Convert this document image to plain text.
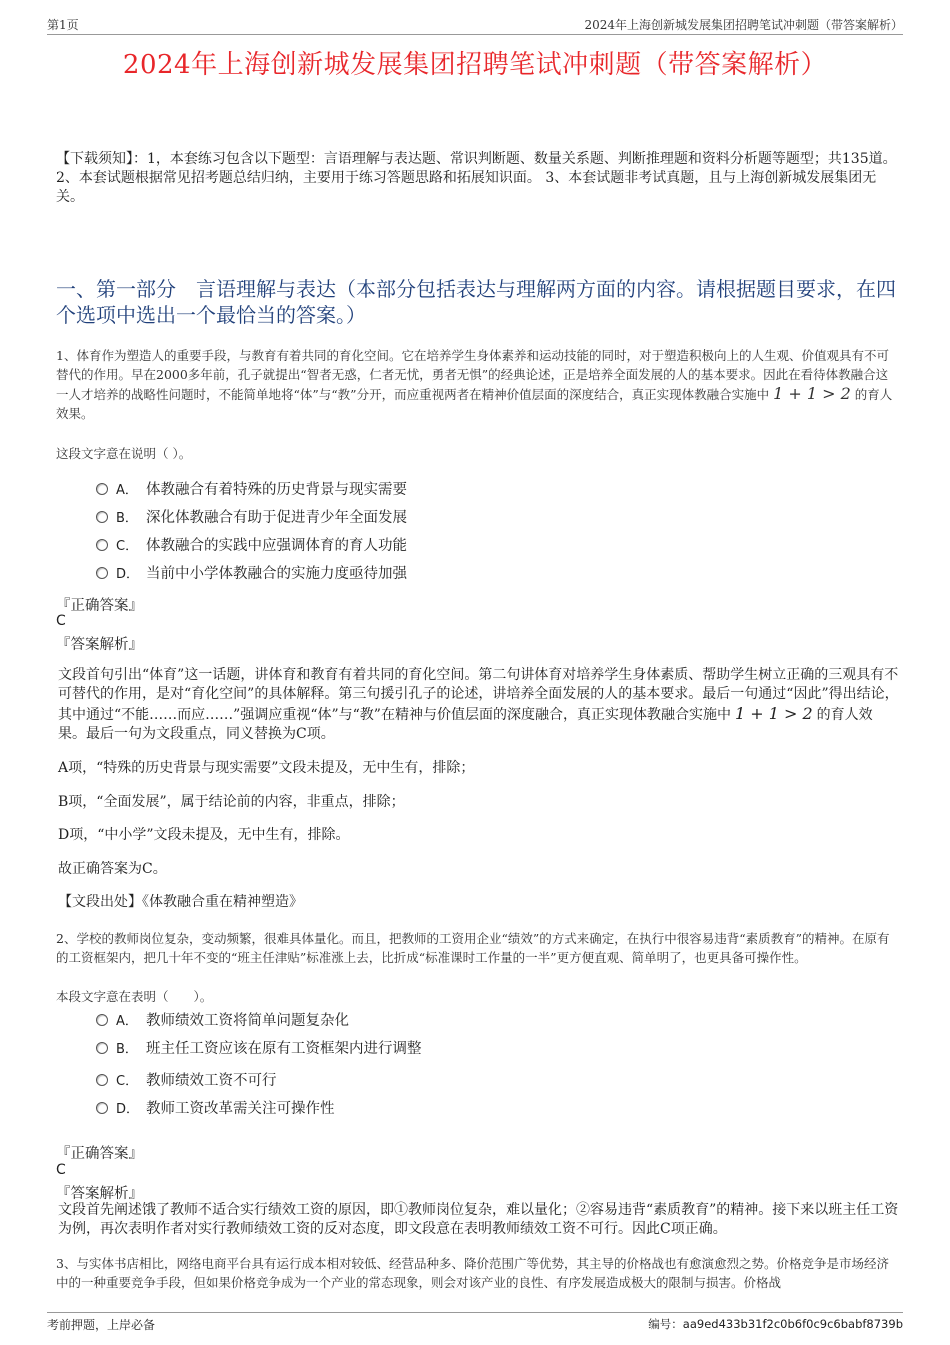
第1页	2024年上海创新城发展集团招聘笔试冲刺题（带答案解析）
2024年上海创新城发展集团招聘笔试冲刺题（带答案解析）
【下载须知】：1，本套练习包含以下题型：言语理解与表达题、常识判断题、数量关系题、判断推理题和资料分析题等题型；共135道。 2、本套试题根据常见招考题总结归纳，主要用于练习答题思路和拓展知识面。 3、本套试题非考试真题，且与上海创新城发展集团无关。
一、第一部分　言语理解与表达（本部分包括表达与理解两方面的内容。请根据题目要求，在四个选项中选出一个最恰当的答案。）
1、体育作为塑造人的重要手段，与教育有着共同的育化空间。它在培养学生身体素养和运动技能的同时，对于塑造积极向上的人生观、价值观具有不可替代的作用。早在2000多年前，孔子就提出“智者无惑，仁者无忧，勇者无惧”的经典论述，正是培养全面发展的人的基本要求。因此在看待体教融合这一人才培养的战略性问题时，不能简单地将“体”与“教”分开，而应重视两者在精神价值层面的深度结合，真正实现体教融合实施中 1 + 1 > 2 的育人效果。
这段文字意在说明（ ）。
A． 体教融合有着特殊的历史背景与现实需要
B． 深化体教融合有助于促进青少年全面发展
C． 体教融合的实践中应强调体育的育人功能
D． 当前中小学体教融合的实施力度亟待加强
『正确答案』
C
『答案解析』
文段首句引出“体育”这一话题，讲体育和教育有着共同的育化空间。第二句讲体育对培养学生身体素质、帮助学生树立正确的三观具有不可替代的作用，是对“育化空间”的具体解释。第三句援引孔子的论述，讲培养全面发展的人的基本要求。最后一句通过“因此”得出结论，其中通过“不能……而应……”强调应重视“体”与“教”在精神与价值层面的深度融合，真正实现体教融合实施中 1 + 1 > 2 的育人效果。最后一句为文段重点，同义替换为C项。
A项，“特殊的历史背景与现实需要”文段未提及，无中生有，排除；
B项，“全面发展”，属于结论前的内容，非重点，排除；
D项，“中小学”文段未提及，无中生有，排除。
故正确答案为C。
【文段出处】《体教融合重在精神塑造》
2、学校的教师岗位复杂，变动频繁，很难具体量化。而且，把教师的工资用企业“绩效”的方式来确定，在执行中很容易违背“素质教育”的精神。在原有的工资框架内，把几十年不变的“班主任津贴”标准涨上去，比折成“标准课时工作量的一半”更方便直观、简单明了，也更具备可操作性。
本段文字意在表明（　　）。
A． 教师绩效工资将简单问题复杂化
B． 班主任工资应该在原有工资框架内进行调整
C． 教师绩效工资不可行
D． 教师工资改革需关注可操作性
『正确答案』
C
『答案解析』
文段首先阐述饿了教师不适合实行绩效工资的原因，即①教师岗位复杂，难以量化；②容易违背“素质教育”的精神。接下来以班主任工资为例，再次表明作者对实行教师绩效工资的反对态度，即文段意在表明教师绩效工资不可行。因此C项正确。
3、与实体书店相比，网络电商平台具有运行成本相对较低、经营品种多、降价范围广等优势，其主导的价格战也有愈演愈烈之势。价格竞争是市场经济中的一种重要竞争手段，但如果价格竞争成为一个产业的常态现象，则会对该产业的良性、有序发展造成极大的限制与损害。价格战
考前押题，上岸必备	编号：aa9ed433b31f2c0b6f0c9c6babf8739b
